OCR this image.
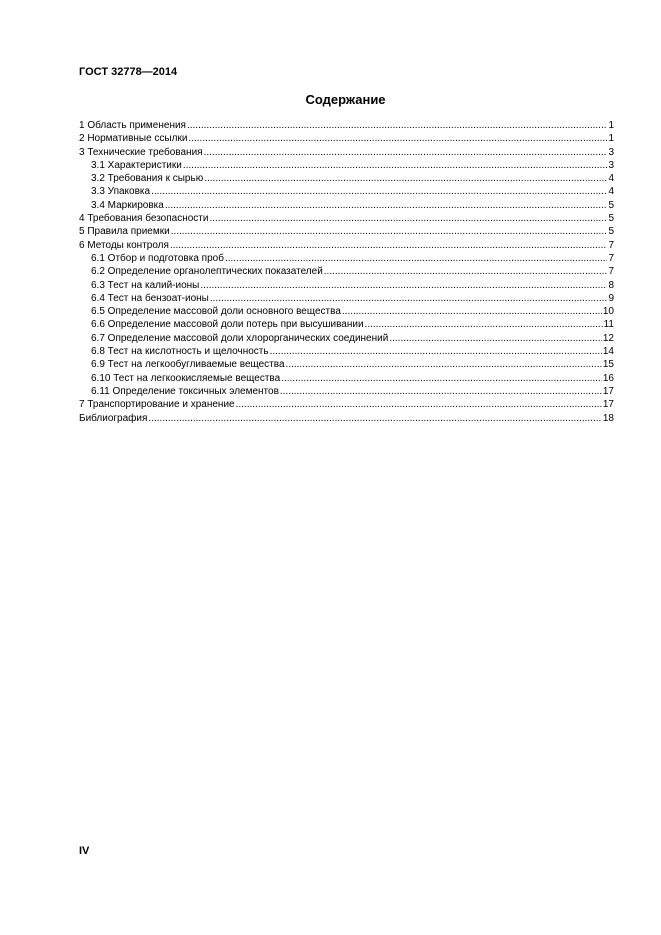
ГОСТ 32778—2014
Содержание
1 Область применения .....	1
2 Нормативные ссылки .....	1
3 Технические требования .....	3
3.1 Характеристики .....	3
3.2 Требования к сырью .....	4
3.3 Упаковка .....	4
3.4 Маркировка .....	5
4 Требования безопасности .....	5
5 Правила приемки .....	5
6 Методы контроля .....	7
6.1 Отбор и подготовка проб .....	7
6.2 Определение органолептических показателей .....	7
6.3 Тест на калий-ионы .....	8
6.4 Тест на бензоат-ионы .....	9
6.5 Определение массовой доли основного вещества .....	10
6.6 Определение массовой доли потерь при высушивании .....	11
6.7 Определение массовой доли хлорорганических соединений .....	12
6.8 Тест на кислотность и щелочность .....	14
6.9 Тест на легкообугливаемые вещества .....	15
6.10 Тест на легкоокисляемые вещества .....	16
6.11 Определение токсичных элементов .....	17
7 Транспортирование и хранение .....	17
Библиография .....	18
IV
